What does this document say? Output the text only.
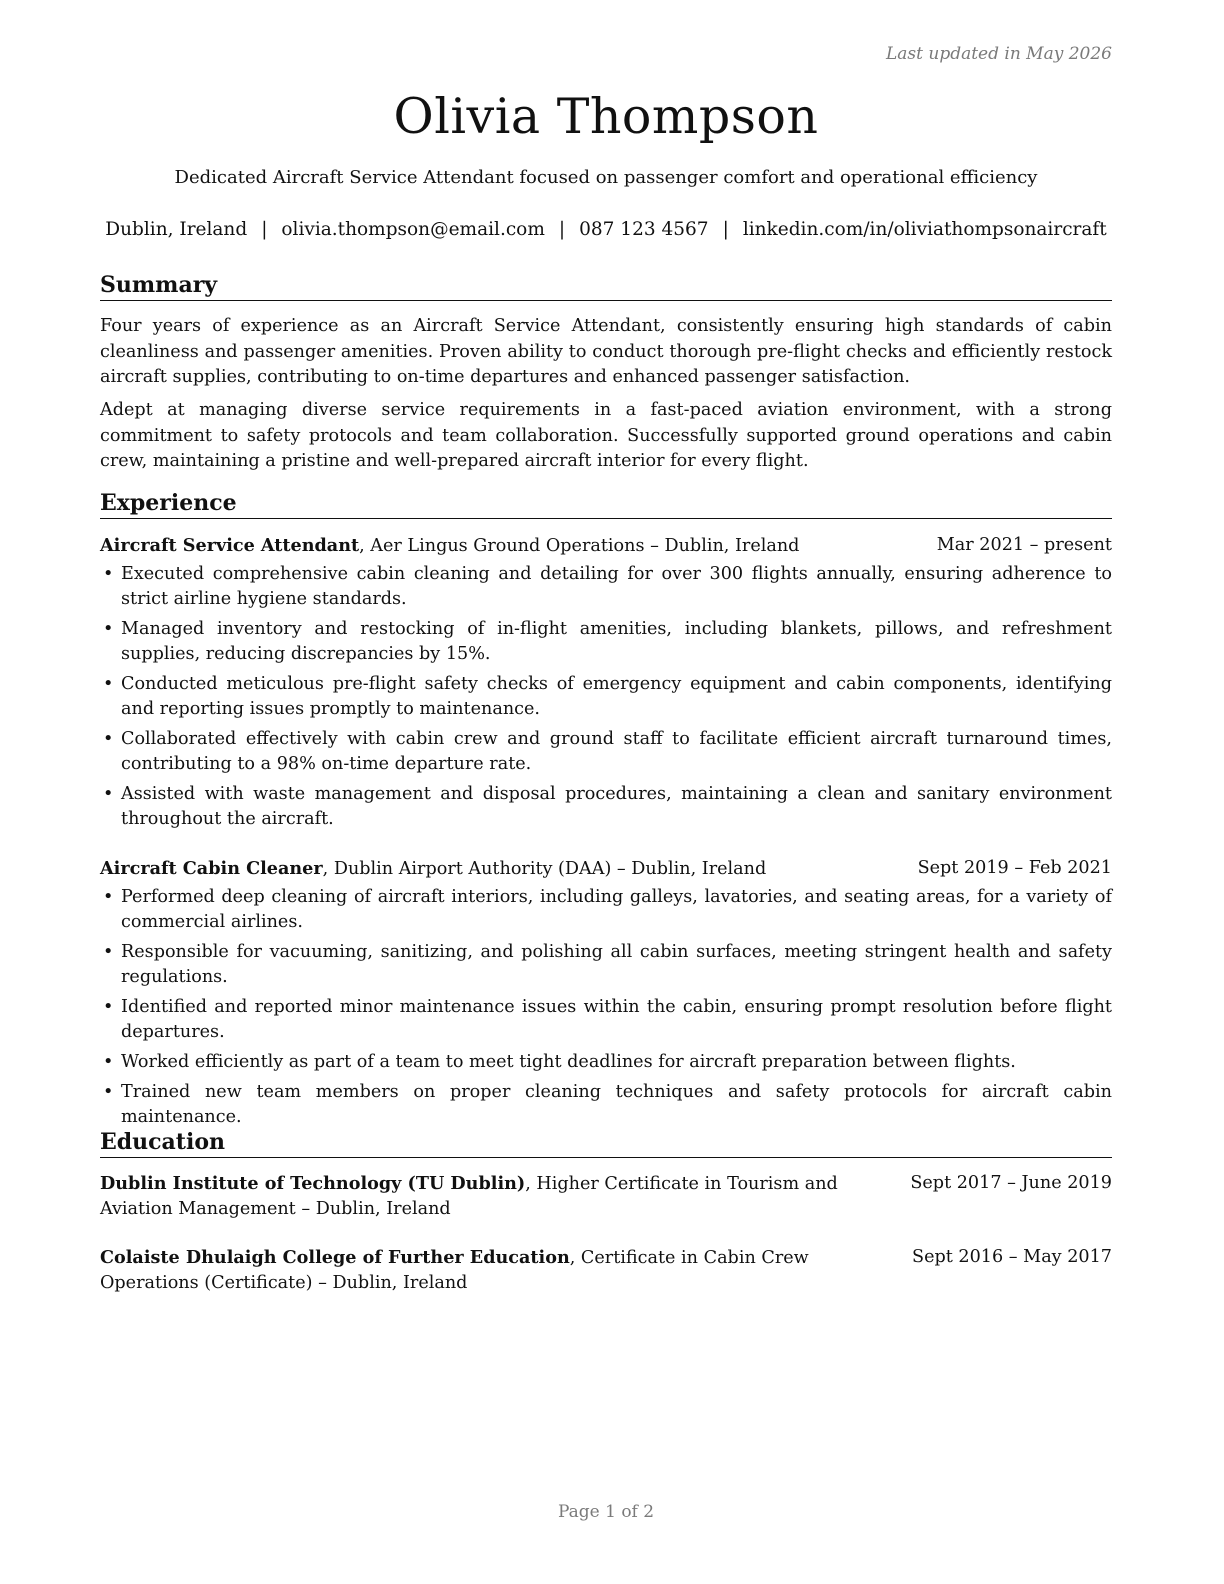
Last updated in May 2026
Olivia Thompson
Dedicated Aircraft Service Attendant focused on passenger comfort and operational efficiency
Dublin, Ireland | olivia.thompson@email.com | 087 123 4567 | linkedin.com/in/oliviathompsonaircraft
Summary
Four years of experience as an Aircraft Service Attendant, consistently ensuring high standards of cabin cleanliness and passenger amenities. Proven ability to conduct thorough pre-flight checks and efficiently restock aircraft supplies, contributing to on-time departures and enhanced passenger satisfaction.
Adept at managing diverse service requirements in a fast-paced aviation environment, with a strong commitment to safety protocols and team collaboration. Successfully supported ground operations and cabin crew, maintaining a pristine and well-prepared aircraft interior for every flight.
Experience
Aircraft Service Attendant, Aer Lingus Ground Operations – Dublin, Ireland	Mar 2021 – present
• Executed comprehensive cabin cleaning and detailing for over 300 flights annually, ensuring adherence to strict airline hygiene standards.
• Managed inventory and restocking of in-flight amenities, including blankets, pillows, and refreshment supplies, reducing discrepancies by 15%.
• Conducted meticulous pre-flight safety checks of emergency equipment and cabin components, identifying and reporting issues promptly to maintenance.
• Collaborated effectively with cabin crew and ground staff to facilitate efficient aircraft turnaround times, contributing to a 98% on-time departure rate.
• Assisted with waste management and disposal procedures, maintaining a clean and sanitary environment throughout the aircraft.
Aircraft Cabin Cleaner, Dublin Airport Authority (DAA) – Dublin, Ireland	Sept 2019 – Feb 2021
• Performed deep cleaning of aircraft interiors, including galleys, lavatories, and seating areas, for a variety of commercial airlines.
• Responsible for vacuuming, sanitizing, and polishing all cabin surfaces, meeting stringent health and safety regulations.
• Identified and reported minor maintenance issues within the cabin, ensuring prompt resolution before flight departures.
• Worked efficiently as part of a team to meet tight deadlines for aircraft preparation between flights.
• Trained new team members on proper cleaning techniques and safety protocols for aircraft cabin maintenance.
Education
Dublin Institute of Technology (TU Dublin), Higher Certificate in Tourism and Aviation Management – Dublin, Ireland
Sept 2017 – June 2019
Colaiste Dhulaigh College of Further Education, Certificate in Cabin Crew Operations (Certificate) – Dublin, Ireland
Sept 2016 – May 2017
Page 1 of 2
